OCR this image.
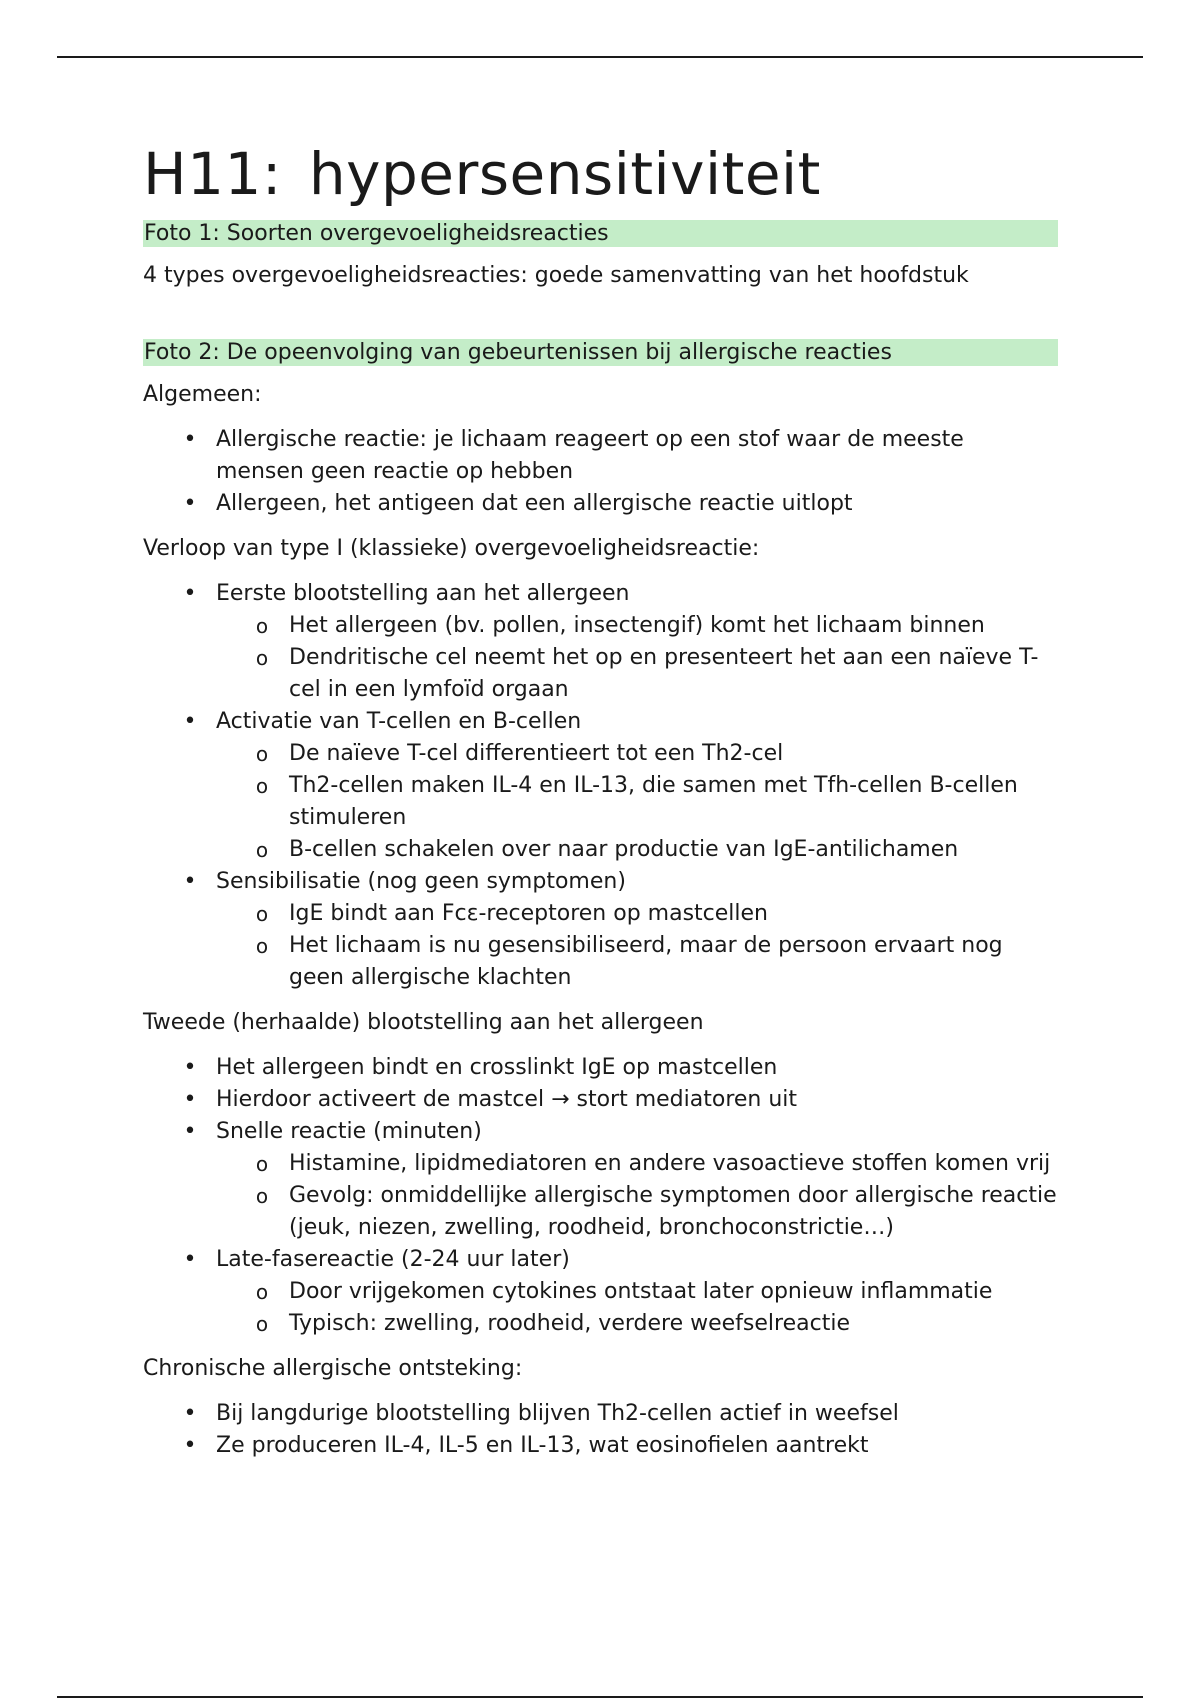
H11: hypersensitiviteit
Foto 1: Soorten overgevoeligheidsreacties

4 types overgevoeligheidsreacties: goede samenvatting van het hoofdstuk

Foto 2: De opeenvolging van gebeurtenissen bij allergische reacties

Algemeen:

• Allergische reactie: je lichaam reageert op een stof waar de meeste mensen geen reactie op hebben
• Allergeen, het antigeen dat een allergische reactie uitlopt

Verloop van type I (klassieke) overgevoeligheidsreactie:

• Eerste blootstelling aan het allergeen
o Het allergeen (bv. pollen, insectengif) komt het lichaam binnen
o Dendritische cel neemt het op en presenteert het aan een naïeve T-cel in een lymfoïd orgaan
• Activatie van T-cellen en B-cellen
o De naïeve T-cel differentieert tot een Th2-cel
o Th2-cellen maken IL-4 en IL-13, die samen met Tfh-cellen B-cellen stimuleren
o B-cellen schakelen over naar productie van IgE-antilichamen
• Sensibilisatie (nog geen symptomen)
o IgE bindt aan Fcε-receptoren op mastcellen
o Het lichaam is nu gesensibiliseerd, maar de persoon ervaart nog geen allergische klachten

Tweede (herhaalde) blootstelling aan het allergeen

• Het allergeen bindt en crosslinkt IgE op mastcellen
• Hierdoor activeert de mastcel → stort mediatoren uit
• Snelle reactie (minuten)
o Histamine, lipidmediatoren en andere vasoactieve stoffen komen vrij
o Gevolg: onmiddellijke allergische symptomen door allergische reactie (jeuk, niezen, zwelling, roodheid, bronchoconstrictie…)
• Late-fasereactie (2-24 uur later)
o Door vrijgekomen cytokines ontstaat later opnieuw inflammatie
o Typisch: zwelling, roodheid, verdere weefselreactie

Chronische allergische ontsteking:

• Bij langdurige blootstelling blijven Th2-cellen actief in weefsel
• Ze produceren IL-4, IL-5 en IL-13, wat eosinofielen aantrekt
